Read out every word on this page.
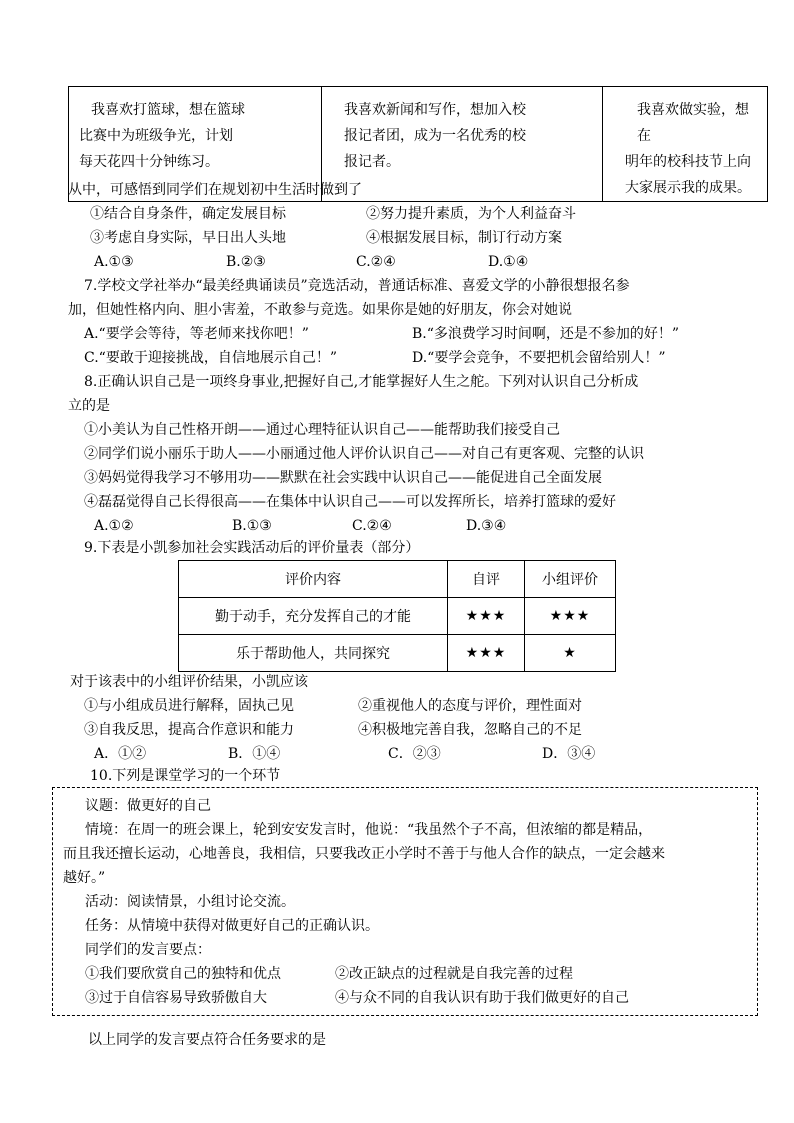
我喜欢打篮球，想在篮球
比赛中为班级争光，计划
每天花四十分钟练习。

我喜欢新闻和写作，想加入校
报记者团，成为一名优秀的校
报记者。

我喜欢做实验，想在
明年的校科技节上向
大家展示我的成果。
从中，可感悟到同学们在规划初中生活时做到了
①结合自身条件，确定发展目标	②努力提升素质，为个人利益奋斗
③考虑自身实际，早日出人头地	④根据发展目标，制订行动方案
A.①③	B.②③	C.②④	D.①④
7.学校文学社举办“最美经典诵读员”竞选活动，普通话标准、喜爱文学的小静很想报名参
加，但她性格内向、胆小害羞，不敢参与竞选。如果你是她的好朋友，你会对她说
A.“要学会等待，等老师来找你吧！”	B.“多浪费学习时间啊，还是不参加的好！”
C.“要敢于迎接挑战，自信地展示自己！”	D.“要学会竞争，不要把机会留给别人！”
8.正确认识自己是一项终身事业,把握好自己,才能掌握好人生之舵。下列对认识自己分析成
立的是
①小美认为自己性格开朗——通过心理特征认识自己——能帮助我们接受自己
②同学们说小丽乐于助人——小丽通过他人评价认识自己——对自己有更客观、完整的认识
③妈妈觉得我学习不够用功——默默在社会实践中认识自己——能促进自己全面发展
④磊磊觉得自己长得很高——在集体中认识自己——可以发挥所长，培养打篮球的爱好
A.①②	B.①③	C.②④	D.③④
9.下表是小凯参加社会实践活动后的评价量表（部分）
评价内容	自评	小组评价
勤于动手，充分发挥自己的才能	★★★	★★★
乐于帮助他人，共同探究	★★★	★
对于该表中的小组评价结果，小凯应该
①与小组成员进行解释，固执己见	②重视他人的态度与评价，理性面对
③自我反思，提高合作意识和能力	④积极地完善自我，忽略自己的不足
A．①②	B．①④	C．②③	D．③④
10.下列是课堂学习的一个环节
议题：做更好的自己
情境：在周一的班会课上，轮到安安发言时，他说：“我虽然个子不高，但浓缩的都是精品，
而且我还擅长运动，心地善良，我相信，只要我改正小学时不善于与他人合作的缺点，一定会越来
越好。”
活动：阅读情景，小组讨论交流。
任务：从情境中获得对做更好自己的正确认识。
同学们的发言要点：
①我们要欣赏自己的独特和优点	②改正缺点的过程就是自我完善的过程
③过于自信容易导致骄傲自大	④与众不同的自我认识有助于我们做更好的自己
以上同学的发言要点符合任务要求的是
